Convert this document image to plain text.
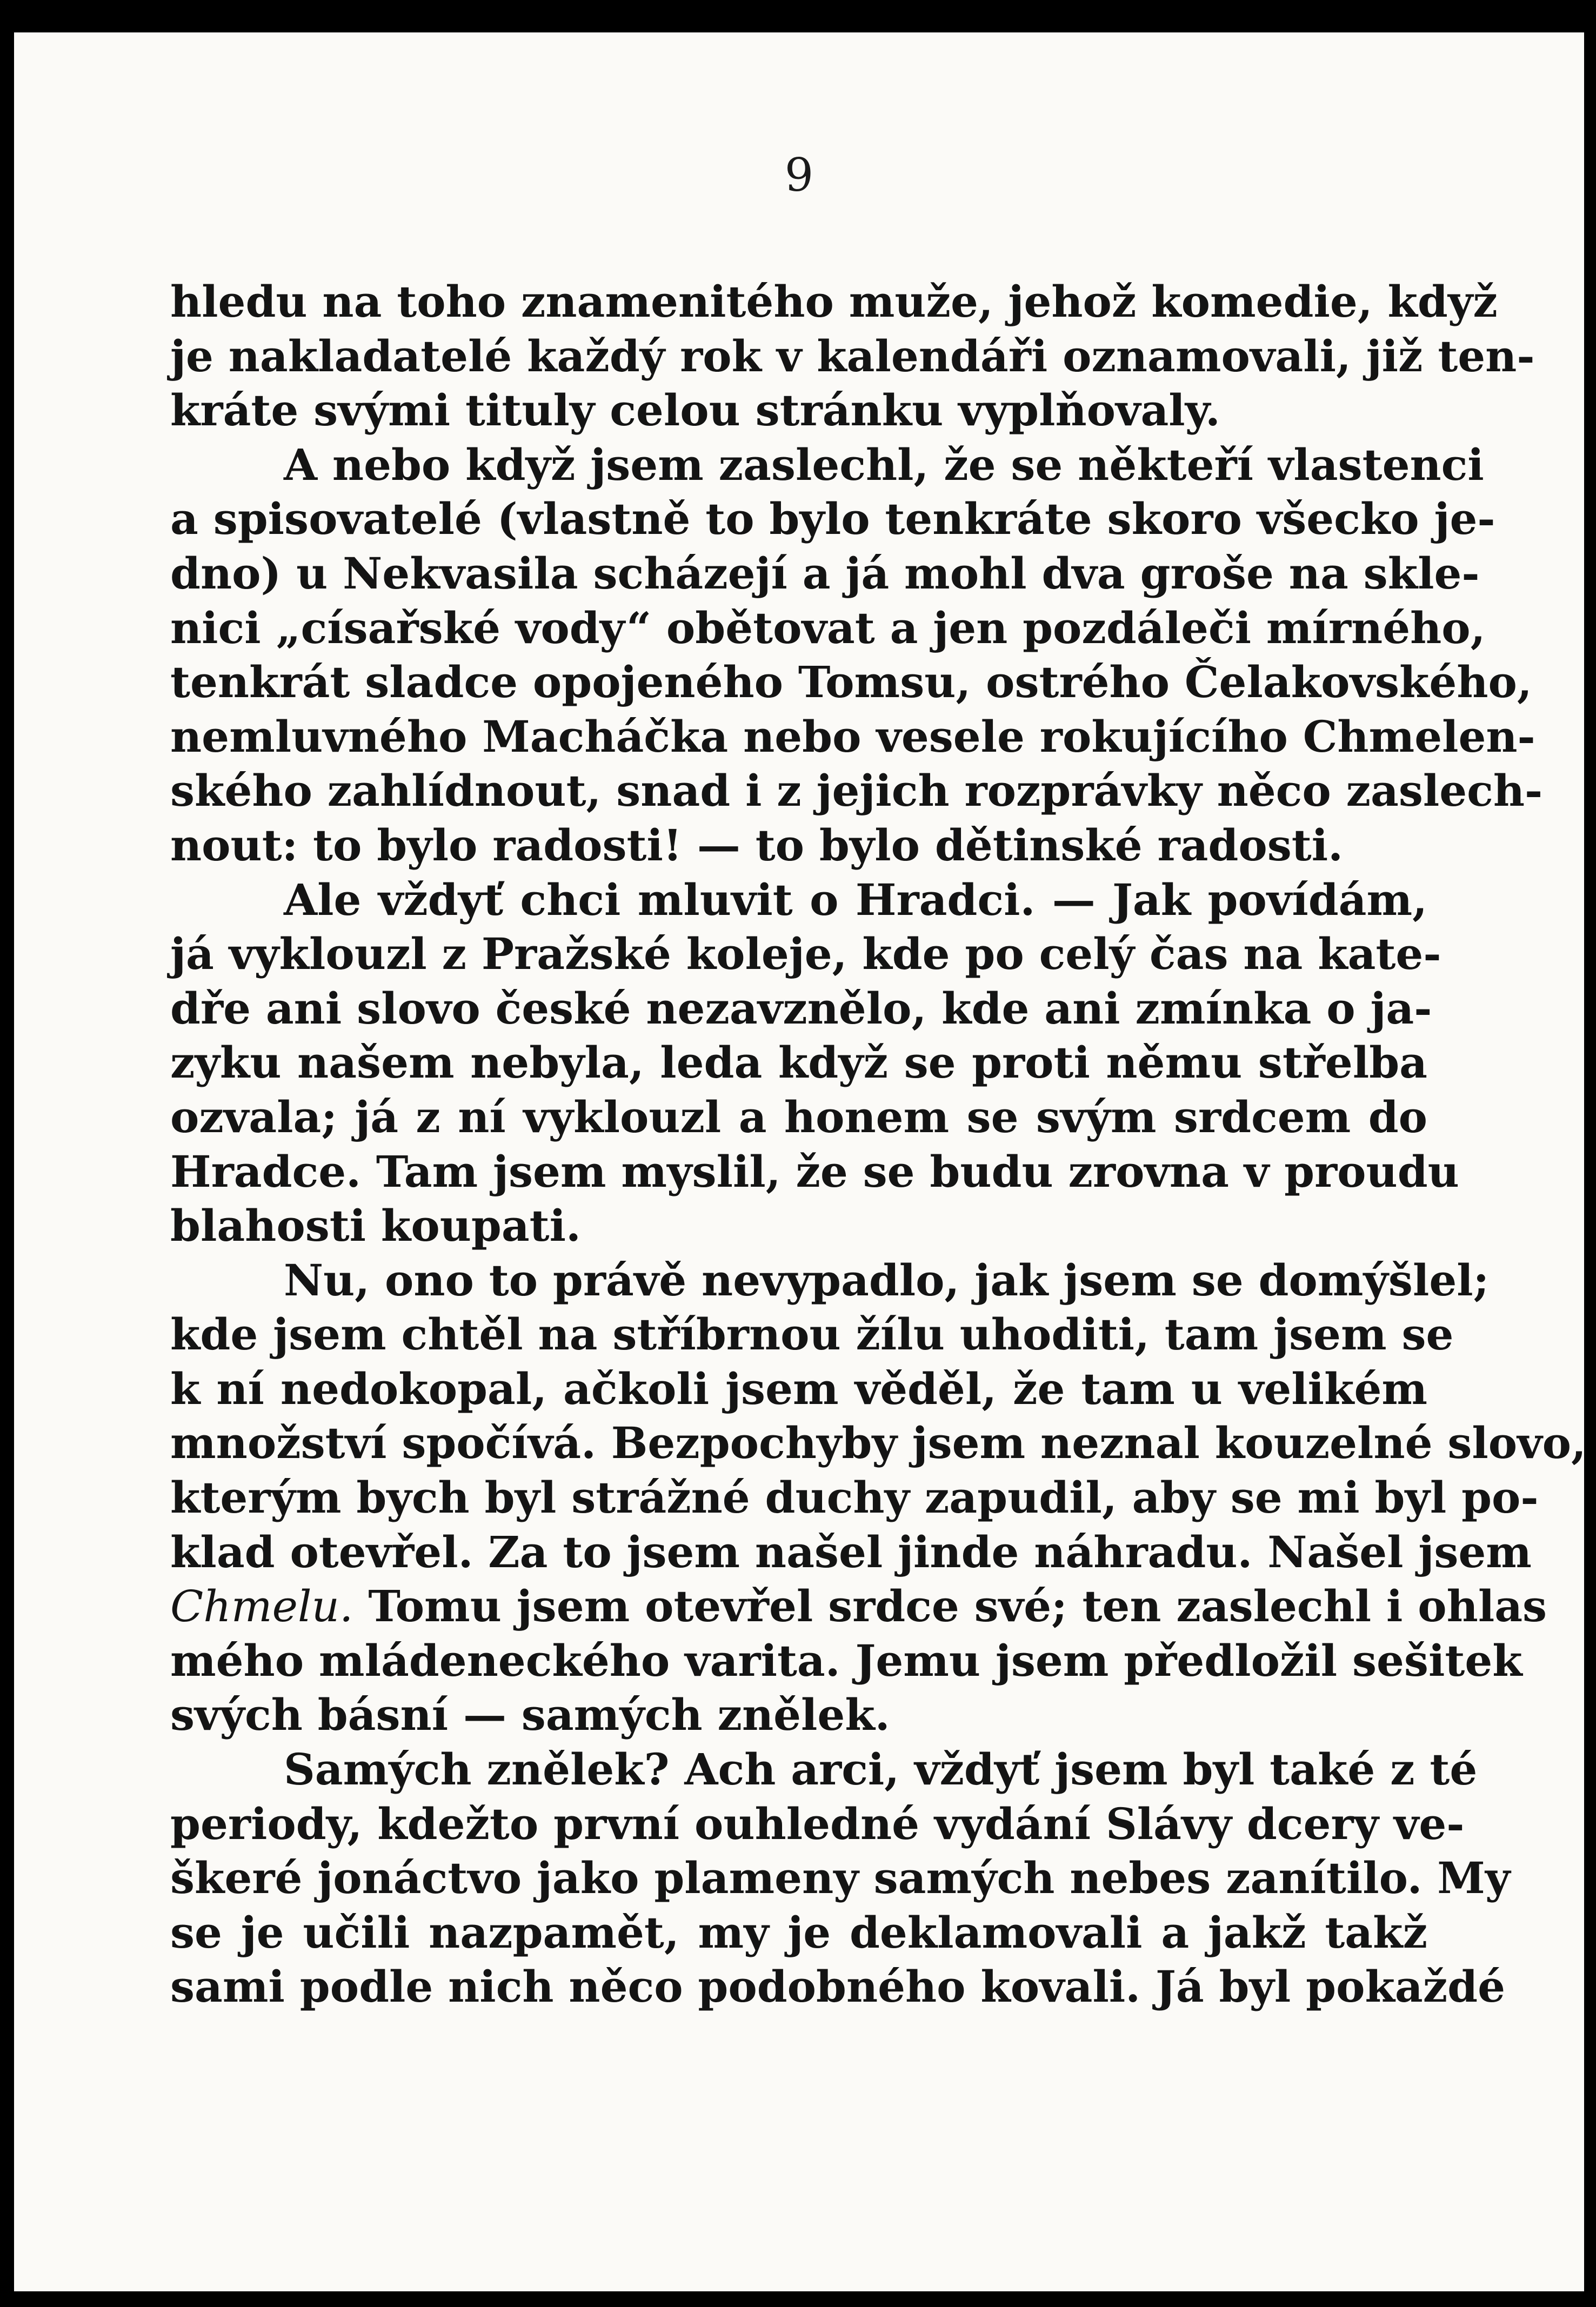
9
hledu na toho znamenitého muže, jehož komedie, když
je nakladatelé každý rok v kalendáři oznamovali, již ten-
kráte svými tituly celou stránku vyplňovaly.
A nebo když jsem zaslechl, že se někteří vlastenci
a spisovatelé (vlastně to bylo tenkráte skoro všecko je-
dno) u Nekvasila scházejí a já mohl dva groše na skle-
nici „císařské vody“ obětovat a jen pozdáleči mírného,
tenkrát sladce opojeného Tomsu, ostrého Čelakovského,
nemluvného Macháčka nebo vesele rokujícího Chmelen-
ského zahlídnout, snad i z jejich rozprávky něco zaslech-
nout: to bylo radosti! — to bylo dětinské radosti.
Ale vždyť chci mluvit o Hradci. — Jak povídám,
já vyklouzl z Pražské koleje, kde po celý čas na kate-
dře ani slovo české nezavznělo, kde ani zmínka o ja-
zyku našem nebyla, leda když se proti němu střelba
ozvala; já z ní vyklouzl a honem se svým srdcem do
Hradce. Tam jsem myslil, že se budu zrovna v proudu
blahosti koupati.
Nu, ono to právě nevypadlo, jak jsem se domýšlel;
kde jsem chtěl na stříbrnou žílu uhoditi, tam jsem se
k ní nedokopal, ačkoli jsem věděl, že tam u velikém
množství spočívá. Bezpochyby jsem neznal kouzelné slovo,
kterým bych byl strážné duchy zapudil, aby se mi byl po-
klad otevřel. Za to jsem našel jinde náhradu. Našel jsem
Chmelu. Tomu jsem otevřel srdce své; ten zaslechl i ohlas
mého mládeneckého varita. Jemu jsem předložil sešitek
svých básní — samých znělek.
Samých znělek? Ach arci, vždyť jsem byl také z té
periody, kdežto první ouhledné vydání Slávy dcery ve-
škeré jonáctvo jako plameny samých nebes zanítilo. My
se je učili nazpamět, my je deklamovali a jakž takž
sami podle nich něco podobného kovali. Já byl pokaždé
